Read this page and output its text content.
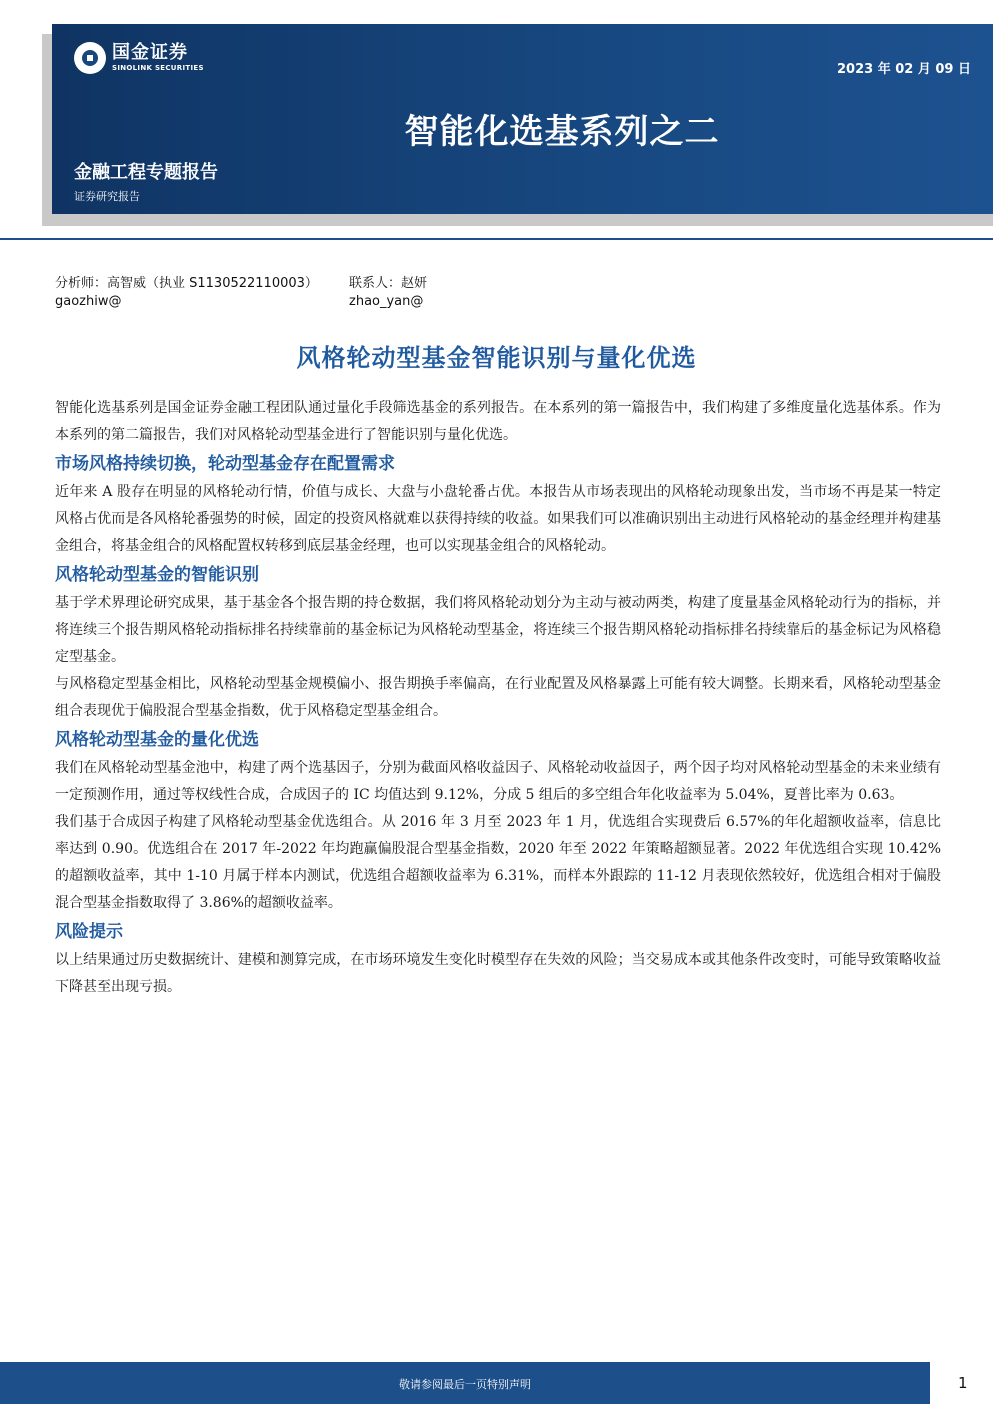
国金证券
SINOLINK SECURITIES	2023 年 02 月 09 日
智能化选基系列之二
金融工程专题报告
证券研究报告
分析师：高智威（执业 S1130522110003）
gaozhiw@
联系人：赵妍
zhao_yan@
风格轮动型基金智能识别与量化优选

智能化选基系列是国金证券金融工程团队通过量化手段筛选基金的系列报告。在本系列的第一篇报告中，我们构建了多维度量化选基体系。作为本系列的第二篇报告，我们对风格轮动型基金进行了智能识别与量化优选。

市场风格持续切换，轮动型基金存在配置需求

近年来 A 股存在明显的风格轮动行情，价值与成长、大盘与小盘轮番占优。本报告从市场表现出的风格轮动现象出发，当市场不再是某一特定风格占优而是各风格轮番强势的时候，固定的投资风格就难以获得持续的收益。如果我们可以准确识别出主动进行风格轮动的基金经理并构建基金组合，将基金组合的风格配置权转移到底层基金经理，也可以实现基金组合的风格轮动。

风格轮动型基金的智能识别

基于学术界理论研究成果，基于基金各个报告期的持仓数据，我们将风格轮动划分为主动与被动两类，构建了度量基金风格轮动行为的指标，并将连续三个报告期风格轮动指标排名持续靠前的基金标记为风格轮动型基金，将连续三个报告期风格轮动指标排名持续靠后的基金标记为风格稳定型基金。

与风格稳定型基金相比，风格轮动型基金规模偏小、报告期换手率偏高，在行业配置及风格暴露上可能有较大调整。长期来看，风格轮动型基金组合表现优于偏股混合型基金指数，优于风格稳定型基金组合。

风格轮动型基金的量化优选

我们在风格轮动型基金池中，构建了两个选基因子，分别为截面风格收益因子、风格轮动收益因子，两个因子均对风格轮动型基金的未来业绩有一定预测作用，通过等权线性合成，合成因子的 IC 均值达到 9.12%，分成 5 组后的多空组合年化收益率为 5.04%，夏普比率为 0.63。

我们基于合成因子构建了风格轮动型基金优选组合。从 2016 年 3 月至 2023 年 1 月，优选组合实现费后 6.57%的年化超额收益率，信息比率达到 0.90。优选组合在 2017 年-2022 年均跑赢偏股混合型基金指数，2020 年至 2022 年策略超额显著。2022 年优选组合实现 10.42%的超额收益率，其中 1-10 月属于样本内测试，优选组合超额收益率为 6.31%，而样本外跟踪的 11-12 月表现依然较好，优选组合相对于偏股混合型基金指数取得了 3.86%的超额收益率。

风险提示

以上结果通过历史数据统计、建模和测算完成，在市场环境发生变化时模型存在失效的风险；当交易成本或其他条件改变时，可能导致策略收益下降甚至出现亏损。

敬请参阅最后一页特别声明	1
